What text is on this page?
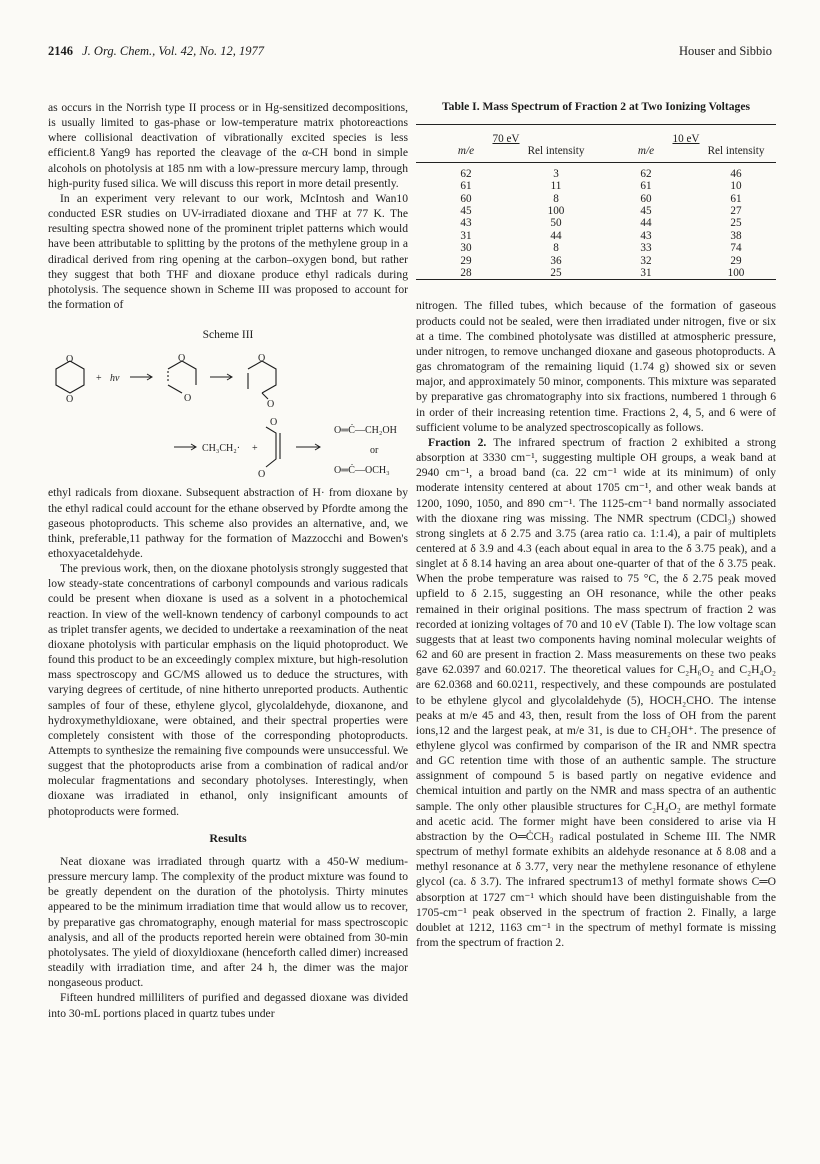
2146 J. Org. Chem., Vol. 42, No. 12, 1977	Houser and Sibbio

as occurs in the Norrish type II process or in Hg-sensitized decompositions, is usually limited to gas-phase or low-temperature matrix photoreactions where collisional deactivation of vibrationally excited species is less efficient.8 Yang9 has reported the cleavage of the α-CH bond in simple alcohols on photolysis at 185 nm with a low-pressure mercury lamp, through high-purity fused silica. We will discuss this report in more detail presently.

In an experiment very relevant to our work, McIntosh and Wan10 conducted ESR studies on UV-irradiated dioxane and THF at 77 K. The resulting spectra showed none of the prominent triplet patterns which would have been attributable to splitting by the protons of the methylene group in a diradical derived from ring opening at the carbon–oxygen bond, but rather they suggest that both THF and dioxane produce ethyl radicals during photolysis. The sequence shown in Scheme III was proposed to account for the formation of

Scheme III
O
O
+ hν
O
O
O
O
CH₃CH₂· +
O
O
O═Ċ—CH₂OH
or
O═Ċ—OCH₃

ethyl radicals from dioxane. Subsequent abstraction of H· from dioxane by the ethyl radical could account for the ethane observed by Pfordte among the gaseous photoproducts. This scheme also provides an alternative, and, we think, preferable,11 pathway for the formation of Mazzocchi and Bowen's ethoxyacetaldehyde.

The previous work, then, on the dioxane photolysis strongly suggested that low steady-state concentrations of carbonyl compounds and various radicals could be present when dioxane is used as a solvent in a photochemical reaction. In view of the well-known tendency of carbonyl compounds to act as triplet transfer agents, we decided to undertake a reexamination of the neat dioxane photolysis with particular emphasis on the liquid photoproduct. We found this product to be an exceedingly complex mixture, but high-resolution mass spectroscopy and GC/MS allowed us to deduce the structures, with varying degrees of certitude, of nine hitherto unreported products. Authentic samples of four of these, ethylene glycol, glycolaldehyde, dioxanone, and hydroxymethyldioxane, were obtained, and their spectral properties were completely consistent with those of the corresponding photoproducts. Attempts to synthesize the remaining five compounds were unsuccessful. We suggest that the photoproducts arise from a combination of radical and/or molecular fragmentations and secondary photolyses. Interestingly, when dioxane was irradiated in ethanol, only insignificant amounts of photoproducts were formed.

Results

Neat dioxane was irradiated through quartz with a 450-W medium-pressure mercury lamp. The complexity of the product mixture was found to be greatly dependent on the duration of the photolysis. Thirty minutes appeared to be the minimum irradiation time that would allow us to recover, by preparative gas chromatography, enough material for mass spectroscopic analysis, and all of the products reported herein were obtained from 30-min photolysates. The yield of dioxyldioxane (henceforth called dimer) increased steadily with irradiation time, and after 24 h, the dimer was the major nongaseous product.

Fifteen hundred milliliters of purified and degassed dioxane was divided into 30-mL portions placed in quartz tubes under

Table I. Mass Spectrum of Fraction 2 at Two Ionizing Voltages

70 eV		10 eV	
m/e	Rel intensity	m/e	Rel intensity

62	3	62	46
61	11	61	10
60	8	60	61
45	100	45	27
43	50	44	25
31	44	43	38
30	8	33	74
29	36	32	29
28	25	31	100

nitrogen. The filled tubes, which because of the formation of gaseous products could not be sealed, were then irradiated under nitrogen, five or six at a time. The combined photolysate was distilled at atmospheric pressure, under nitrogen, to remove unchanged dioxane and gaseous photoproducts. A gas chromatogram of the remaining liquid (1.74 g) showed six or seven major, and approximately 50 minor, components. This mixture was separated by preparative gas chromatography into six fractions, numbered 1 through 6 in order of their increasing retention time. Fractions 2, 4, 5, and 6 were of sufficient volume to be analyzed spectroscopically as follows.

Fraction 2. The infrared spectrum of fraction 2 exhibited a strong absorption at 3330 cm⁻¹, suggesting multiple OH groups, a weak band at 2940 cm⁻¹, a broad band (ca. 22 cm⁻¹ wide at its minimum) of only moderate intensity centered at about 1705 cm⁻¹, and other weak bands at 1200, 1090, 1050, and 890 cm⁻¹. The 1125-cm⁻¹ band normally associated with the dioxane ring was missing. The NMR spectrum (CDCl₃) showed strong singlets at δ 2.75 and 3.75 (area ratio ca. 1:1.4), a pair of multiplets centered at δ 3.9 and 4.3 (each about equal in area to the δ 3.75 peak), and a singlet at δ 8.14 having an area about one-quarter of that of the δ 3.75 peak. When the probe temperature was raised to 75 °C, the δ 2.75 peak moved upfield to δ 2.15, suggesting an OH resonance, while the other peaks remained in their original positions. The mass spectrum of fraction 2 was recorded at ionizing voltages of 70 and 10 eV (Table I). The low voltage scan suggests that at least two components having nominal molecular weights of 62 and 60 are present in fraction 2. Mass measurements on these two peaks gave 62.0397 and 60.0217. The theoretical values for C₂H₆O₂ and C₂H₄O₂ are 62.0368 and 60.0211, respectively, and these compounds are postulated to be ethylene glycol and glycolaldehyde (5), HOCH₂CHO. The intense peaks at m/e 45 and 43, then, result from the loss of OH from the parent ions,12 and the largest peak, at m/e 31, is due to CH₂OH⁺. The presence of ethylene glycol was confirmed by comparison of the IR and NMR spectra and GC retention time with those of an authentic sample. The structure assignment of compound 5 is based partly on negative evidence and chemical intuition and partly on the NMR and mass spectra of an authentic sample. The only other plausible structures for C₂H₄O₂ are methyl formate and acetic acid. The former might have been considered to arise via H abstraction by the O═ĊCH₃ radical postulated in Scheme III. The NMR spectrum of methyl formate exhibits an aldehyde resonance at δ 8.08 and a methyl resonance at δ 3.77, very near the methylene resonance of ethylene glycol (ca. δ 3.7). The infrared spectrum13 of methyl formate shows C═O absorption at 1727 cm⁻¹ which should have been distinguishable from the 1705-cm⁻¹ peak observed in the spectrum of fraction 2. Finally, a large doublet at 1212, 1163 cm⁻¹ in the spectrum of methyl formate is missing from the spectrum of fraction 2.
